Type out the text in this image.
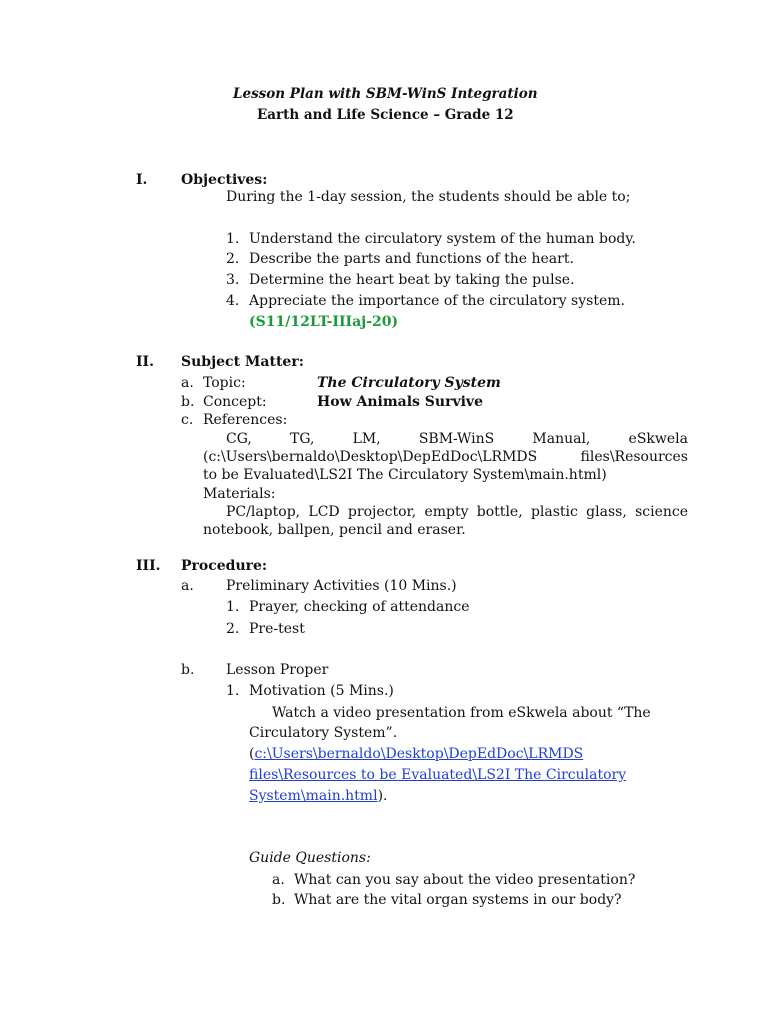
Lesson Plan with SBM-WinS Integration
Earth and Life Science – Grade 12
I. Objectives:
During the 1-day session, the students should be able to;
1. Understand the circulatory system of the human body.
2. Describe the parts and functions of the heart.
3. Determine the heart beat by taking the pulse.
4. Appreciate the importance of the circulatory system.
(S11/12LT-IIIaj-20)
II. Subject Matter:
a. Topic:	The Circulatory System
b. Concept:	How Animals Survive
c. References:
CG, TG, LM, SBM-WinS Manual, eSkwela
(c:\Users\bernaldo\Desktop\DepEdDoc\LRMDS files\Resources
to be Evaluated\LS2I The Circulatory System\main.html)
Materials:
PC/laptop, LCD projector, empty bottle, plastic glass, science
notebook, ballpen, pencil and eraser.
III. Procedure:
a. Preliminary Activities (10 Mins.)
1. Prayer, checking of attendance
2. Pre-test
b. Lesson Proper
1. Motivation (5 Mins.)
Watch a video presentation from eSkwela about “The
Circulatory System”.
(c:\Users\bernaldo\Desktop\DepEdDoc\LRMDS
files\Resources to be Evaluated\LS2I The Circulatory
System\main.html).
Guide Questions:
a. What can you say about the video presentation?
b. What are the vital organ systems in our body?
